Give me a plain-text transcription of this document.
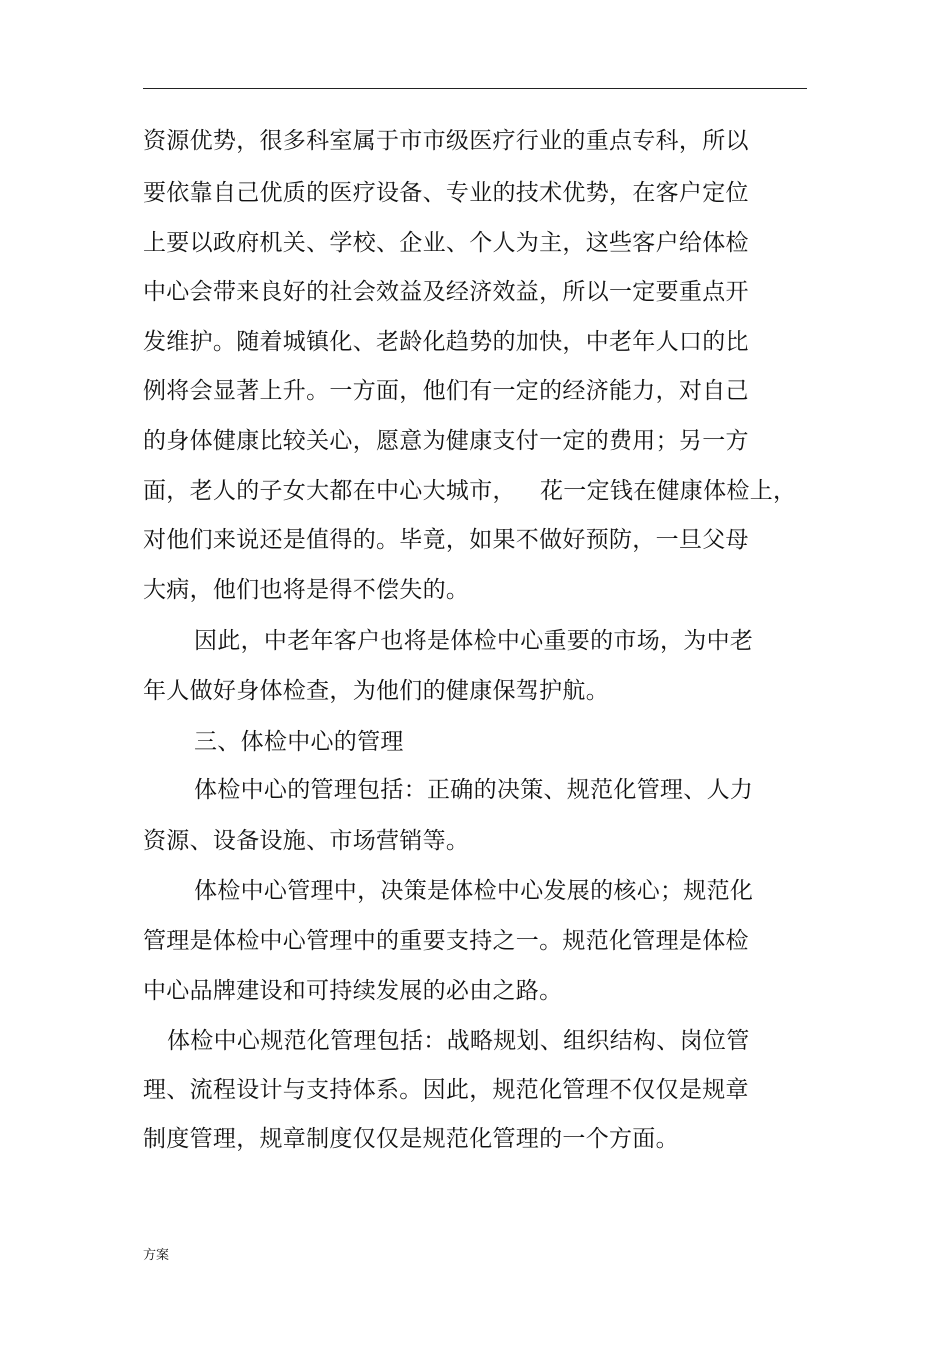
资源优势，很多科室属于市市级医疗行业的重点专科，所以
要依靠自己优质的医疗设备、专业的技术优势，在客户定位
上要以政府机关、学校、企业、个人为主，这些客户给体检
中心会带来良好的社会效益及经济效益，所以一定要重点开
发维护。随着城镇化、老龄化趋势的加快，中老年人口的比
例将会显著上升。一方面，他们有一定的经济能力，对自己
的身体健康比较关心，愿意为健康支付一定的费用；另一方
面，老人的子女大都在中心大城市， 花一定钱在健康体检上，
对他们来说还是值得的。毕竟，如果不做好预防，一旦父母
大病，他们也将是得不偿失的。
因此，中老年客户也将是体检中心重要的市场，为中老
年人做好身体检查，为他们的健康保驾护航。
三、体检中心的管理
体检中心的管理包括：正确的决策、规范化管理、人力
资源、设备设施、市场营销等。
体检中心管理中，决策是体检中心发展的核心；规范化
管理是体检中心管理中的重要支持之一。规范化管理是体检
中心品牌建设和可持续发展的必由之路。
体检中心规范化管理包括：战略规划、组织结构、岗位管
理、流程设计与支持体系。因此，规范化管理不仅仅是规章
制度管理，规章制度仅仅是规范化管理的一个方面。
方案
